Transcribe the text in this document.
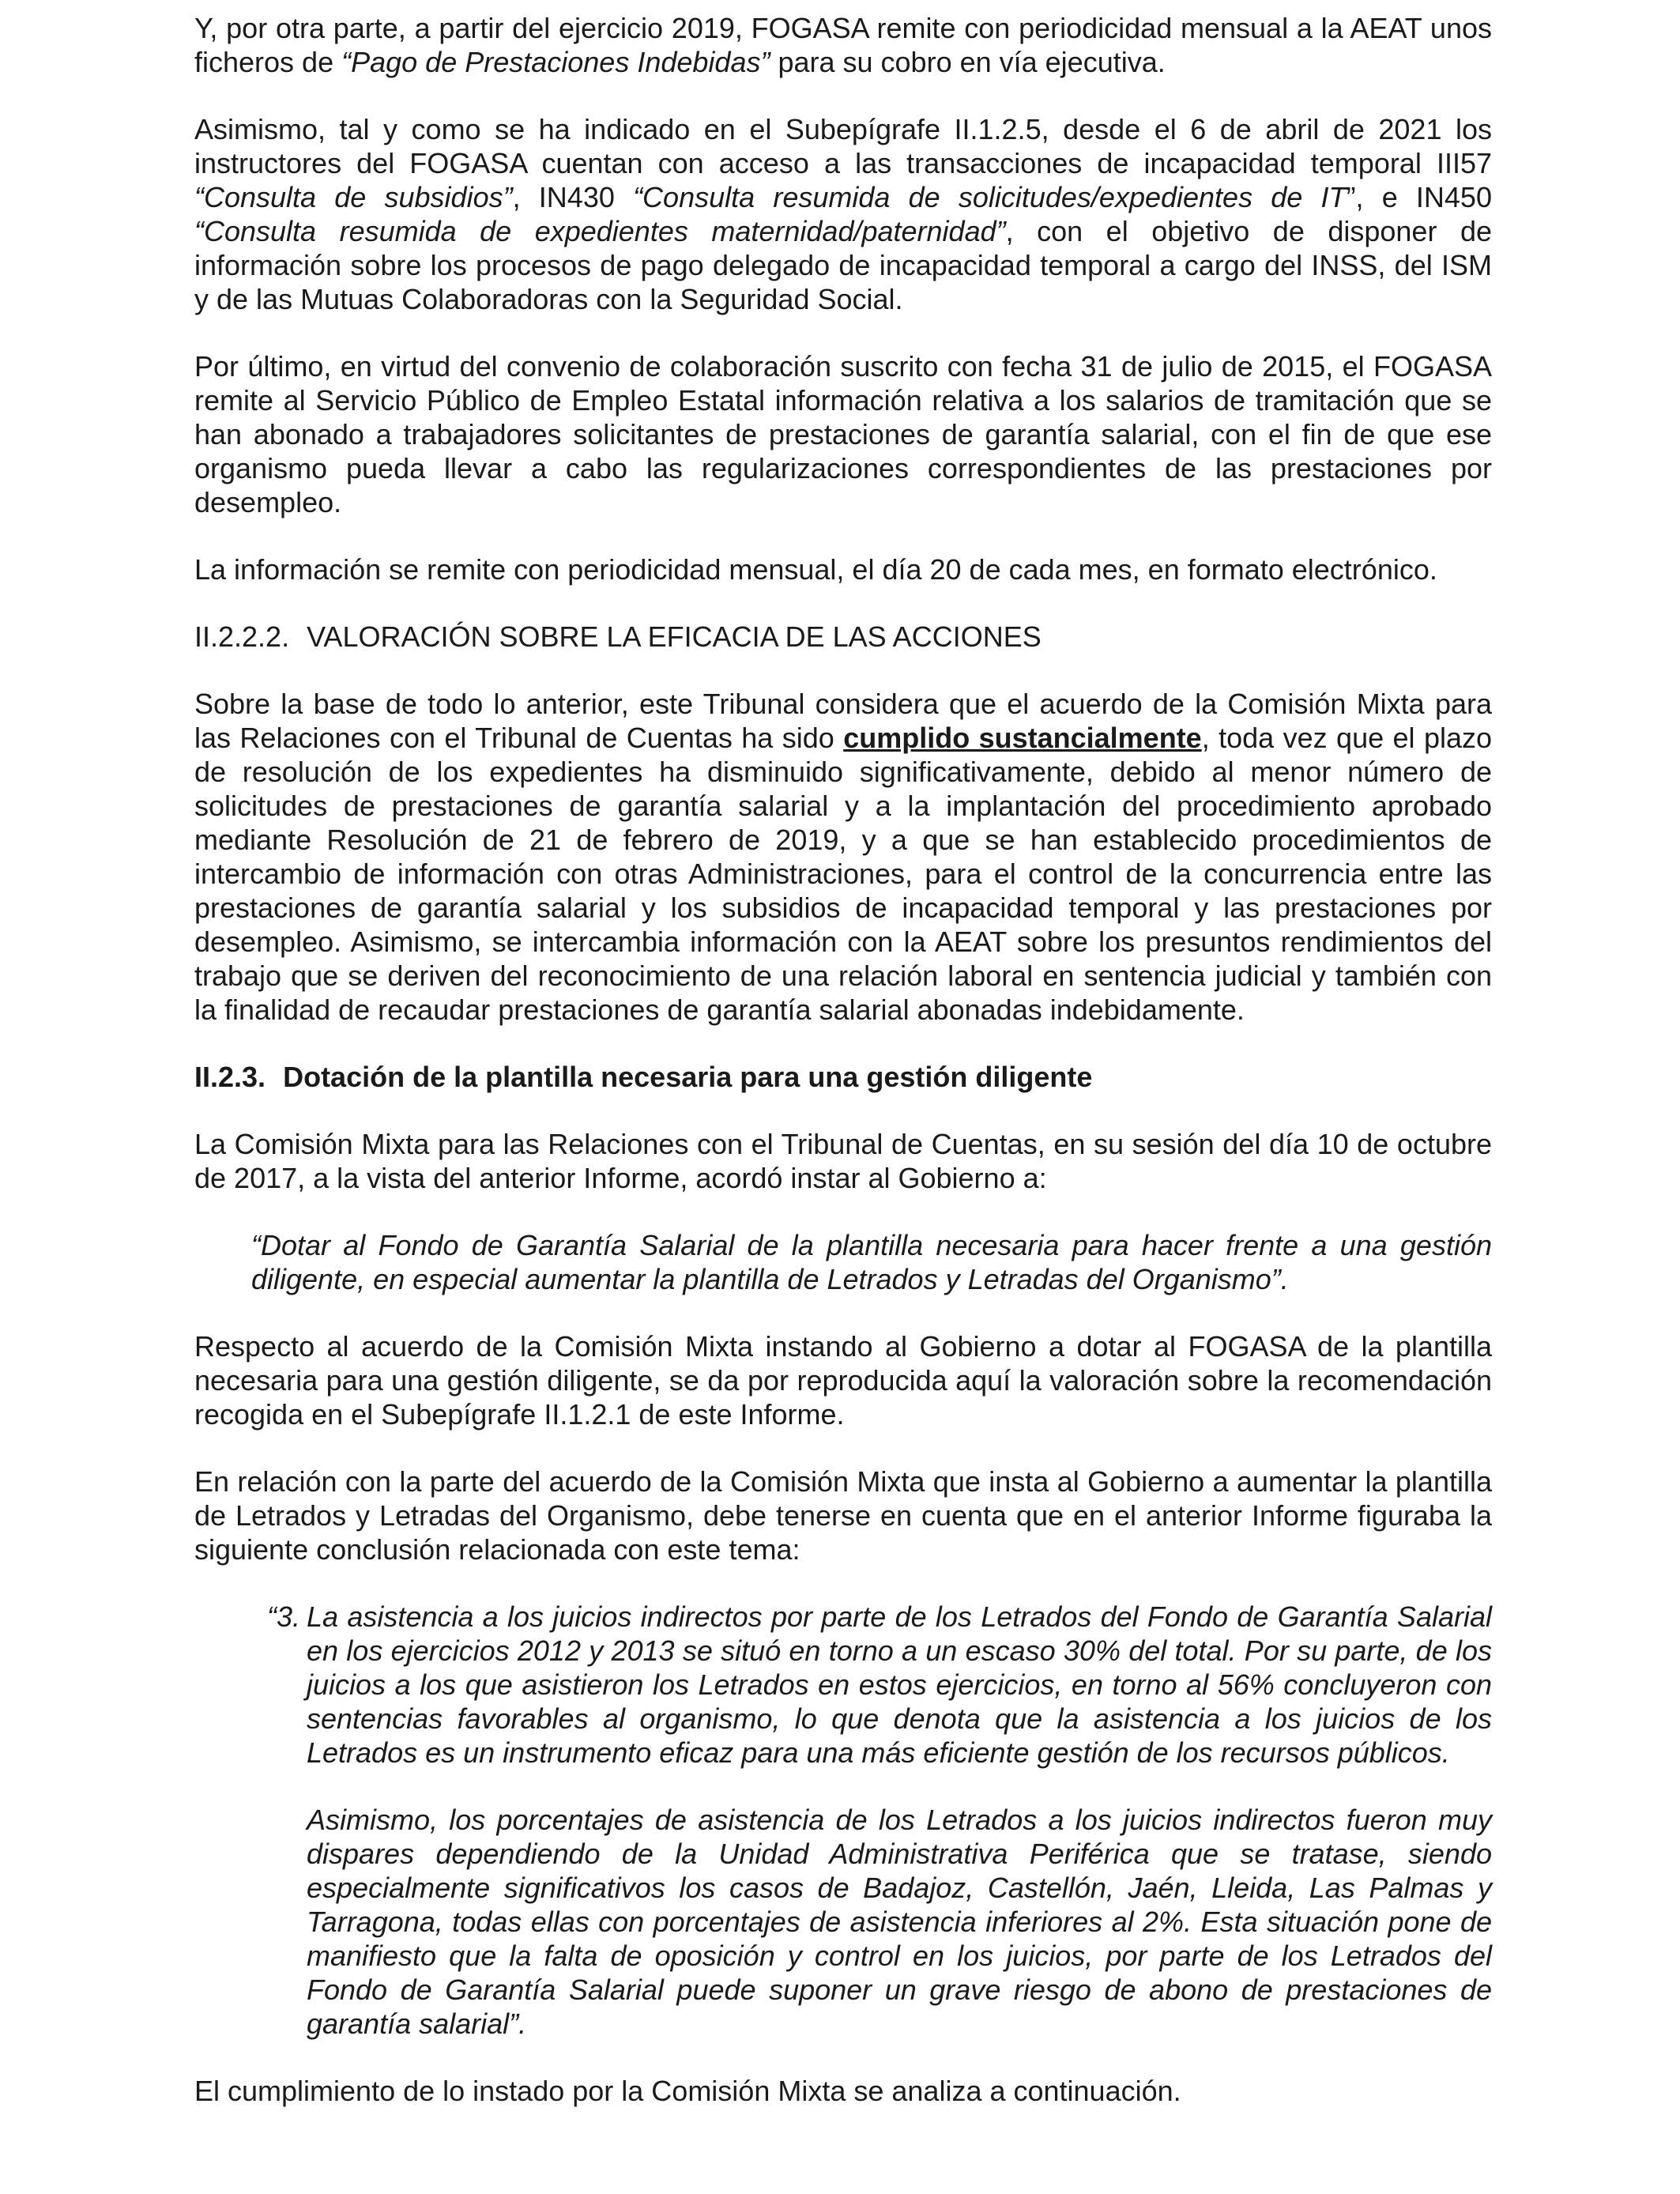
Y, por otra parte, a partir del ejercicio 2019, FOGASA remite con periodicidad mensual a la AEAT unos ficheros de “Pago de Prestaciones Indebidas” para su cobro en vía ejecutiva.

Asimismo, tal y como se ha indicado en el Subepígrafe II.1.2.5, desde el 6 de abril de 2021 los instructores del FOGASA cuentan con acceso a las transacciones de incapacidad temporal III57 “Consulta de subsidios”, IN430 “Consulta resumida de solicitudes/expedientes de IT”, e IN450 “Consulta resumida de expedientes maternidad/paternidad”, con el objetivo de disponer de información sobre los procesos de pago delegado de incapacidad temporal a cargo del INSS, del ISM y de las Mutuas Colaboradoras con la Seguridad Social.

Por último, en virtud del convenio de colaboración suscrito con fecha 31 de julio de 2015, el FOGASA remite al Servicio Público de Empleo Estatal información relativa a los salarios de tramitación que se han abonado a trabajadores solicitantes de prestaciones de garantía salarial, con el fin de que ese organismo pueda llevar a cabo las regularizaciones correspondientes de las prestaciones por desempleo.

La información se remite con periodicidad mensual, el día 20 de cada mes, en formato electrónico.

II.2.2.2. VALORACIÓN SOBRE LA EFICACIA DE LAS ACCIONES

Sobre la base de todo lo anterior, este Tribunal considera que el acuerdo de la Comisión Mixta para las Relaciones con el Tribunal de Cuentas ha sido cumplido sustancialmente, toda vez que el plazo de resolución de los expedientes ha disminuido significativamente, debido al menor número de solicitudes de prestaciones de garantía salarial y a la implantación del procedimiento aprobado mediante Resolución de 21 de febrero de 2019, y a que se han establecido procedimientos de intercambio de información con otras Administraciones, para el control de la concurrencia entre las prestaciones de garantía salarial y los subsidios de incapacidad temporal y las prestaciones por desempleo. Asimismo, se intercambia información con la AEAT sobre los presuntos rendimientos del trabajo que se deriven del reconocimiento de una relación laboral en sentencia judicial y también con la finalidad de recaudar prestaciones de garantía salarial abonadas indebidamente.

II.2.3. Dotación de la plantilla necesaria para una gestión diligente

La Comisión Mixta para las Relaciones con el Tribunal de Cuentas, en su sesión del día 10 de octubre de 2017, a la vista del anterior Informe, acordó instar al Gobierno a:

“Dotar al Fondo de Garantía Salarial de la plantilla necesaria para hacer frente a una gestión diligente, en especial aumentar la plantilla de Letrados y Letradas del Organismo”.

Respecto al acuerdo de la Comisión Mixta instando al Gobierno a dotar al FOGASA de la plantilla necesaria para una gestión diligente, se da por reproducida aquí la valoración sobre la recomendación recogida en el Subepígrafe II.1.2.1 de este Informe.

En relación con la parte del acuerdo de la Comisión Mixta que insta al Gobierno a aumentar la plantilla de Letrados y Letradas del Organismo, debe tenerse en cuenta que en el anterior Informe figuraba la siguiente conclusión relacionada con este tema:

“3. La asistencia a los juicios indirectos por parte de los Letrados del Fondo de Garantía Salarial en los ejercicios 2012 y 2013 se situó en torno a un escaso 30% del total. Por su parte, de los juicios a los que asistieron los Letrados en estos ejercicios, en torno al 56% concluyeron con sentencias favorables al organismo, lo que denota que la asistencia a los juicios de los Letrados es un instrumento eficaz para una más eficiente gestión de los recursos públicos.

Asimismo, los porcentajes de asistencia de los Letrados a los juicios indirectos fueron muy dispares dependiendo de la Unidad Administrativa Periférica que se tratase, siendo especialmente significativos los casos de Badajoz, Castellón, Jaén, Lleida, Las Palmas y Tarragona, todas ellas con porcentajes de asistencia inferiores al 2%. Esta situación pone de manifiesto que la falta de oposición y control en los juicios, por parte de los Letrados del Fondo de Garantía Salarial puede suponer un grave riesgo de abono de prestaciones de garantía salarial”.

El cumplimiento de lo instado por la Comisión Mixta se analiza a continuación.
